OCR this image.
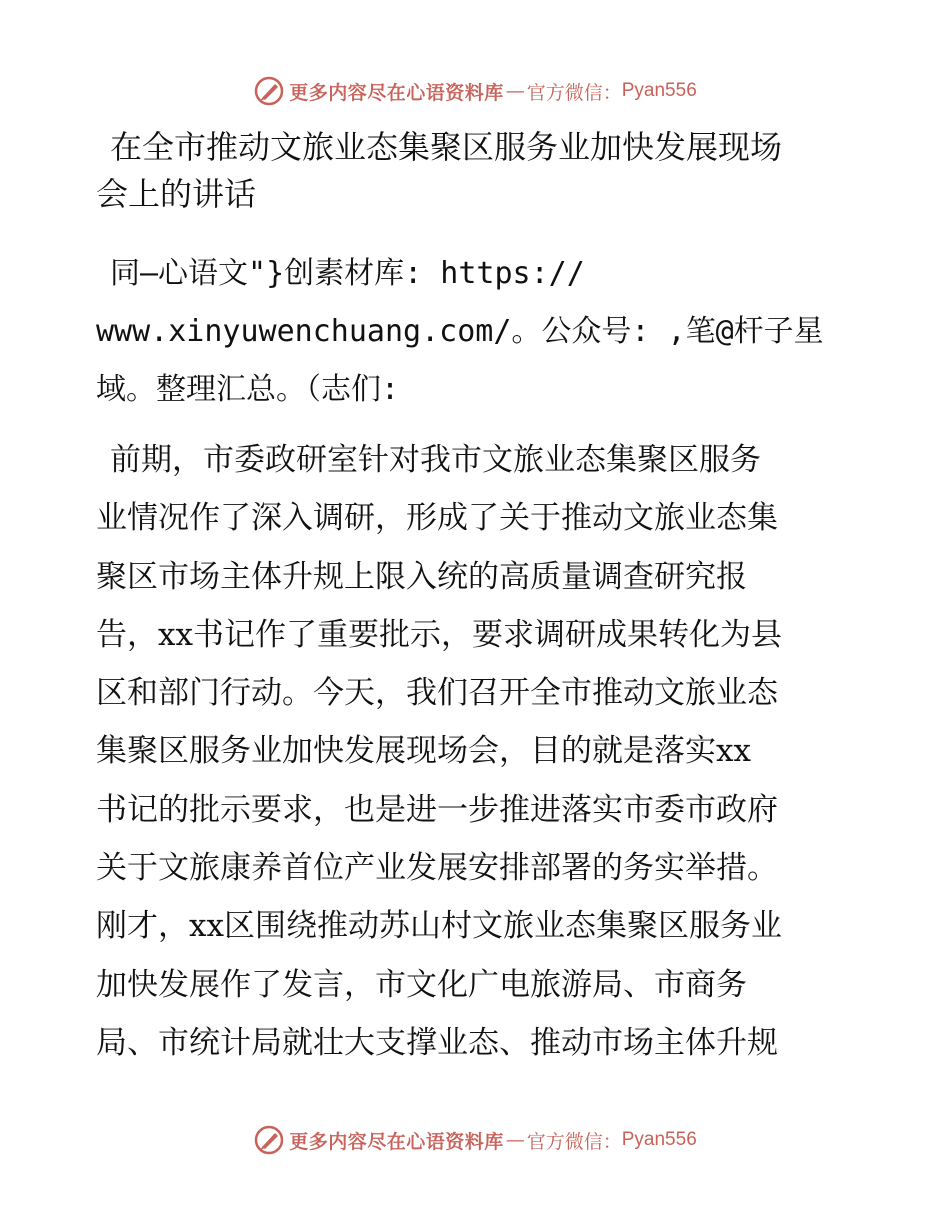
更多内容尽在心语资料库 — 官方微信： Pyan556
在全市推动文旅业态集聚区服务业加快发展现场
会上的讲话
同—心语文"}创素材库: https://
www.xinyuwenchuang.com/。公众号: ,笔@杆子星
域。整理汇总。（志们:
前期，市委政研室针对我市文旅业态集聚区服务
业情况作了深入调研，形成了关于推动文旅业态集
聚区市场主体升规上限入统的高质量调查研究报
告，xx书记作了重要批示，要求调研成果转化为县
区和部门行动。今天，我们召开全市推动文旅业态
集聚区服务业加快发展现场会，目的就是落实xx
书记的批示要求，也是进一步推进落实市委市政府
关于文旅康养首位产业发展安排部署的务实举措。
刚才，xx区围绕推动苏山村文旅业态集聚区服务业
加快发展作了发言，市文化广电旅游局、市商务
局、市统计局就壮大支撑业态、推动市场主体升规
更多内容尽在心语资料库 — 官方微信： Pyan556
